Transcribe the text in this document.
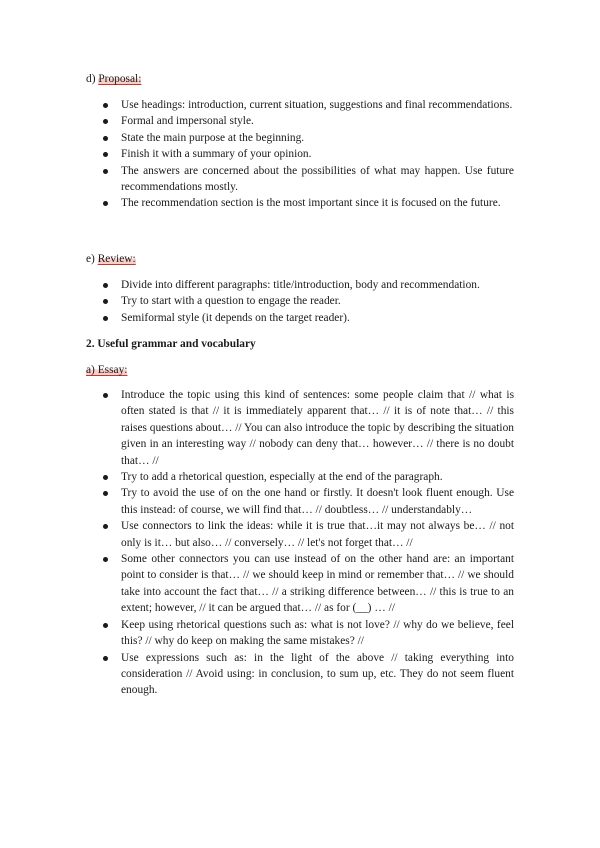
d) Proposal:

Use headings: introduction, current situation, suggestions and final recommendations.
Formal and impersonal style.
State the main purpose at the beginning.
Finish it with a summary of your opinion.
The answers are concerned about the possibilities of what may happen. Use future recommendations mostly.
The recommendation section is the most important since it is focused on the future.

e) Review:

Divide into different paragraphs: title/introduction, body and recommendation.
Try to start with a question to engage the reader.
Semiformal style (it depends on the target reader).

2. Useful grammar and vocabulary

a) Essay:

Introduce the topic using this kind of sentences: some people claim that // what is often stated is that // it is immediately apparent that… // it is of note that… // this raises questions about… // You can also introduce the topic by describing the situation given in an interesting way // nobody can deny that… however… // there is no doubt that… //
Try to add a rhetorical question, especially at the end of the paragraph.
Try to avoid the use of on the one hand or firstly. It doesn't look fluent enough. Use this instead: of course, we will find that… // doubtless… // understandably…
Use connectors to link the ideas: while it is true that…it may not always be… // not only is it… but also… // conversely… // let's not forget that… //
Some other connectors you can use instead of on the other hand are: an important point to consider is that… // we should keep in mind or remember that… // we should take into account the fact that… // a striking difference between… // this is true to an extent; however, // it can be argued that… // as for (__) … //
Keep using rhetorical questions such as: what is not love? // why do we believe, feel this? // why do keep on making the same mistakes? //
Use expressions such as: in the light of the above // taking everything into consideration // Avoid using: in conclusion, to sum up, etc. They do not seem fluent enough.
